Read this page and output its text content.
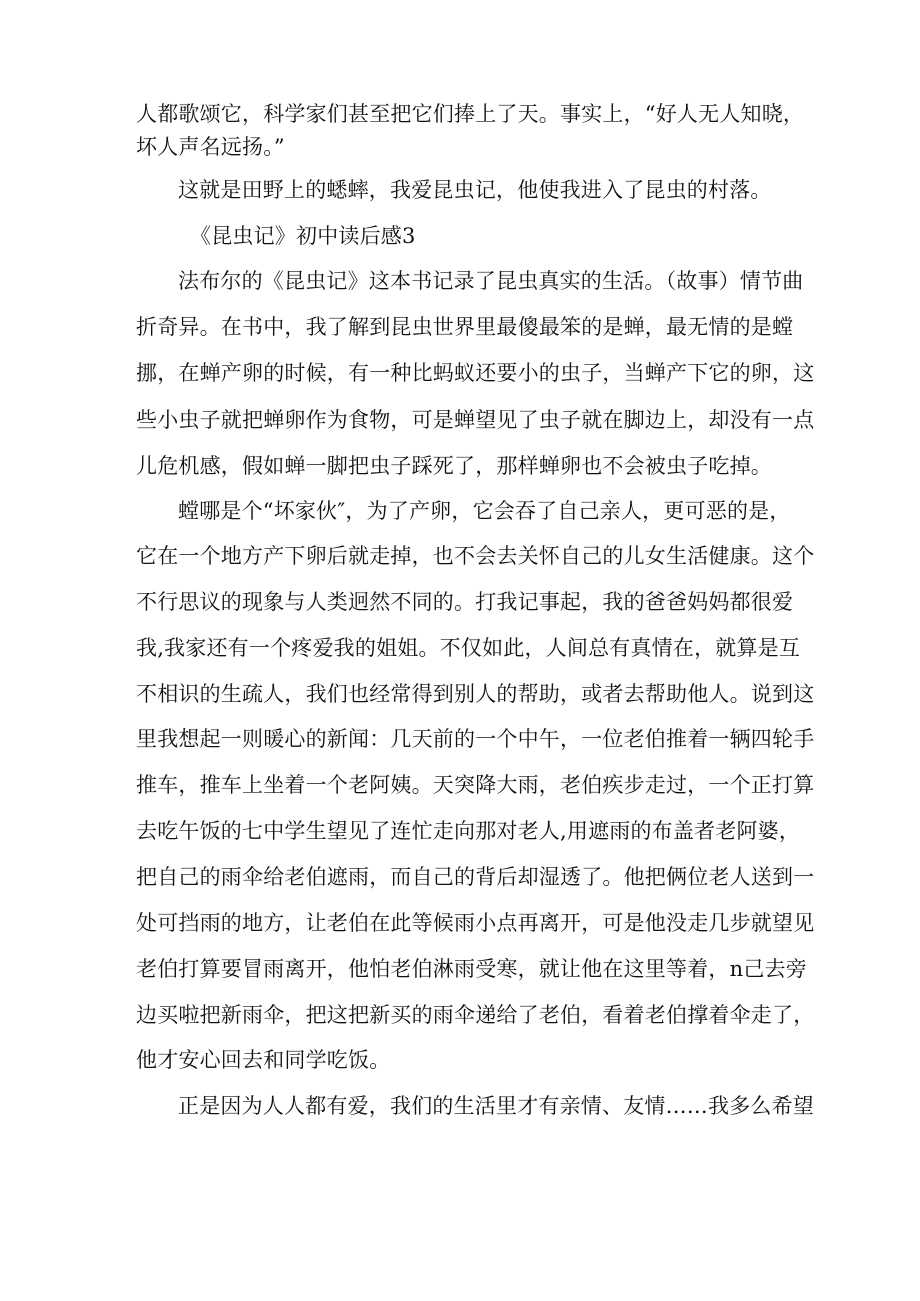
人都歌颂它，科学家们甚至把它们捧上了天。事实上，“好人无人知晓，

坏人声名远扬。”

这就是田野上的蟋蟀，我爱昆虫记，他使我进入了昆虫的村落。

《昆虫记》初中读后感3

法布尔的《昆虫记》这本书记录了昆虫真实的生活。（故事）情节曲

折奇异。在书中，我了解到昆虫世界里最傻最笨的是蝉，最无情的是螳

挪，在蝉产卵的时候，有一种比蚂蚁还要小的虫子，当蝉产下它的卵，这

些小虫子就把蝉卵作为食物，可是蝉望见了虫子就在脚边上，却没有一点

儿危机感，假如蝉一脚把虫子踩死了，那样蝉卵也不会被虫子吃掉。

螳哪是个“坏家伙″，为了产卵，它会吞了自己亲人，更可恶的是，

它在一个地方产下卵后就走掉，也不会去关怀自己的儿女生活健康。这个

不行思议的现象与人类迥然不同的。打我记事起，我的爸爸妈妈都很爱

我,我家还有一个疼爱我的姐姐。不仅如此，人间总有真情在，就算是互

不相识的生疏人，我们也经常得到别人的帮助，或者去帮助他人。说到这

里我想起一则暖心的新闻：几天前的一个中午，一位老伯推着一辆四轮手

推车，推车上坐着一个老阿姨。天突降大雨，老伯疾步走过，一个正打算

去吃午饭的七中学生望见了连忙走向那对老人,用遮雨的布盖者老阿婆，

把自己的雨伞给老伯遮雨，而自己的背后却湿透了。他把俩位老人送到一

处可挡雨的地方，让老伯在此等候雨小点再离开，可是他没走几步就望见

老伯打算要冒雨离开，他怕老伯淋雨受寒，就让他在这里等着，n己去旁

边买啦把新雨伞，把这把新买的雨伞递给了老伯，看着老伯撑着伞走了，

他才安心回去和同学吃饭。

正是因为人人都有爱，我们的生活里才有亲情、友情……我多么希望
